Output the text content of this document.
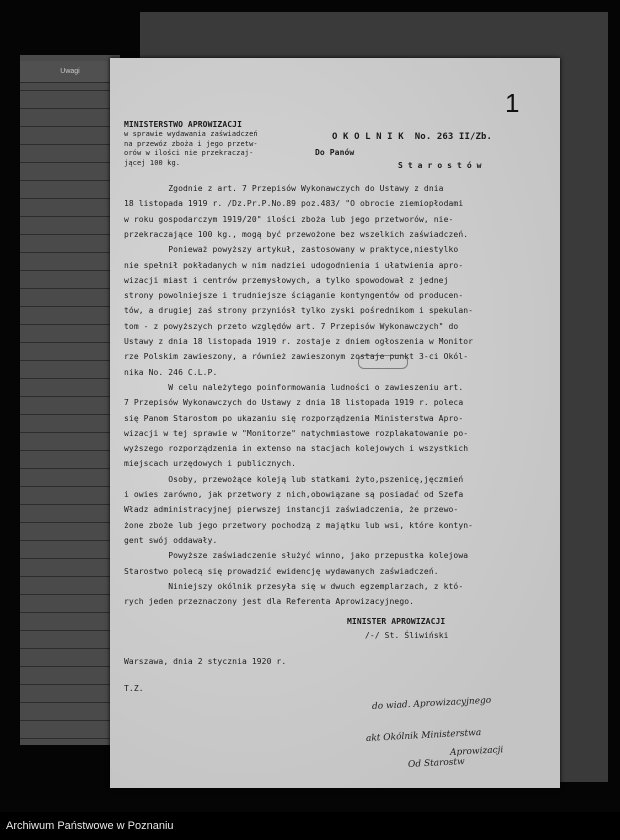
Uwagi
1
MINISTERSTWO APROWIZACJI
w sprawie wydawania zaświadczeń
na przewóz zboża i jego przetw-
orów w ilości nie przekraczaj-
jącej 100 kg.
O K O L N I K  No. 263 II/Zb.
Do Panów
S t a r o s t ó w
Zgodnie z art. 7 Przepisów Wykonawczych do Ustawy z dnia
18 listopada 1919 r. /Dz.Pr.P.No.89 poz.483/ "O obrocie ziemiopłodami
w roku gospodarczym 1919/20" ilości zboża lub jego przetworów, nie-
przekraczające 100 kg., mogą być przewożone bez wszelkich zaświadczeń.
Ponieważ powyższy artykuł, zastosowany w praktyce,niestylko
nie spełnił pokładanych w nim nadziei udogodnienia i ułatwienia apro-
wizacji miast i centrów przemysłowych, a tylko spowodował z jednej
strony powolniejsze i trudniejsze ściąganie kontyngentów od producen-
tów, a drugiej zaś strony przyniósł tylko zyski pośrednikom i spekulan-
tom - z powyższych przeto względów art. 7 Przepisów Wykonawczych" do
Ustawy z dnia 18 listopada 1919 r. zostaje z dniem ogłoszenia w Monitor
rze Polskim zawieszony, a również zawieszonym zostaje punkt 3-ci Okól-
nika No. 246 C.L.P.
W celu należytego poinformowania ludności o zawieszeniu art.
7 Przepisów Wykonawczych do Ustawy z dnia 18 listopada 1919 r. poleca
się Panom Starostom po ukazaniu się rozporządzenia Ministerstwa Apro-
wizacji w tej sprawie w "Monitorze" natychmiastowe rozplakatowanie po-
wyższego rozporządzenia in extenso na stacjach kolejowych i wszystkich
miejscach urzędowych i publicznych.
Osoby, przewożące koleją lub statkami żyto,pszenicę,jęczmień
i owies zarówno, jak przetwory z nich,obowiązane są posiadać od Szefa
Władz administracyjnej pierwszej instancji zaświadczenia, że przewo-
żone zboże lub jego przetwory pochodzą z majątku lub wsi, które kontyn-
gent swój oddawały.
Powyższe zaświadczenie służyć winno, jako przepustka kolejowa
Starostwo polecą się prowadzić ewidencję wydawanych zaświadczeń.
Niniejszy okólnik przesyła się w dwuch egzemplarzach, z któ-
rych jeden przeznaczony jest dla Referenta Aprowizacyjnego.
MINISTER APROWIZACJI
/-/ St. Śliwiński
Warszawa, dnia 2 stycznia 1920 r.
T.Z.
do wiad. Aprowizacyjnego
akt Okólnik Ministerstwa
Aprowizacji
Od Starostw
Archiwum Państwowe w Poznaniu
